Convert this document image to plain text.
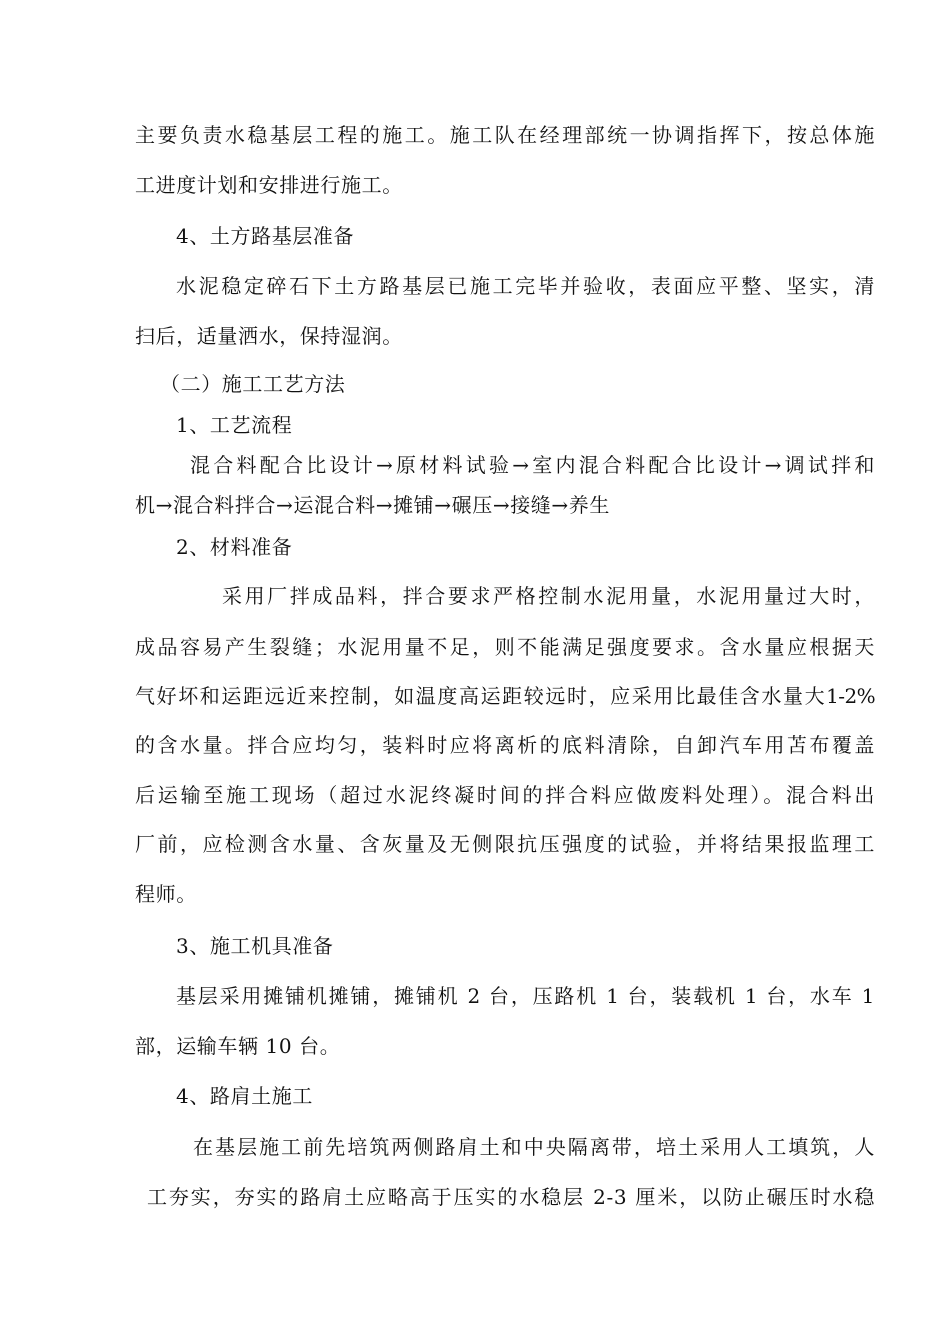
主要负责水稳基层工程的施工。施工队在经理部统一协调指挥下，按总体施
工进度计划和安排进行施工。
4、土方路基层准备
水泥稳定碎石下土方路基层已施工完毕并验收，表面应平整、坚实，清
扫后，适量洒水，保持湿润。
（二）施工工艺方法
1、工艺流程
混合料配合比设计→原材料试验→室内混合料配合比设计→调试拌和
机→混合料拌合→运混合料→摊铺→碾压→接缝→养生
2、材料准备
采用厂拌成品料，拌合要求严格控制水泥用量，水泥用量过大时，
成品容易产生裂缝；水泥用量不足，则不能满足强度要求。含水量应根据天
气好坏和运距远近来控制，如温度高运距较远时，应采用比最佳含水量大1-2%
的含水量。拌合应均匀，装料时应将离析的底料清除，自卸汽车用苫布覆盖
后运输至施工现场（超过水泥终凝时间的拌合料应做废料处理）。混合料出
厂前，应检测含水量、含灰量及无侧限抗压强度的试验，并将结果报监理工
程师。
3、施工机具准备
基层采用摊铺机摊铺，摊铺机 2 台，压路机 1 台，装载机 1 台，水车 1
部，运输车辆 10 台。
4、路肩土施工
在基层施工前先培筑两侧路肩土和中央隔离带，培土采用人工填筑，人
工夯实，夯实的路肩土应略高于压实的水稳层 2-3 厘米，以防止碾压时水稳
